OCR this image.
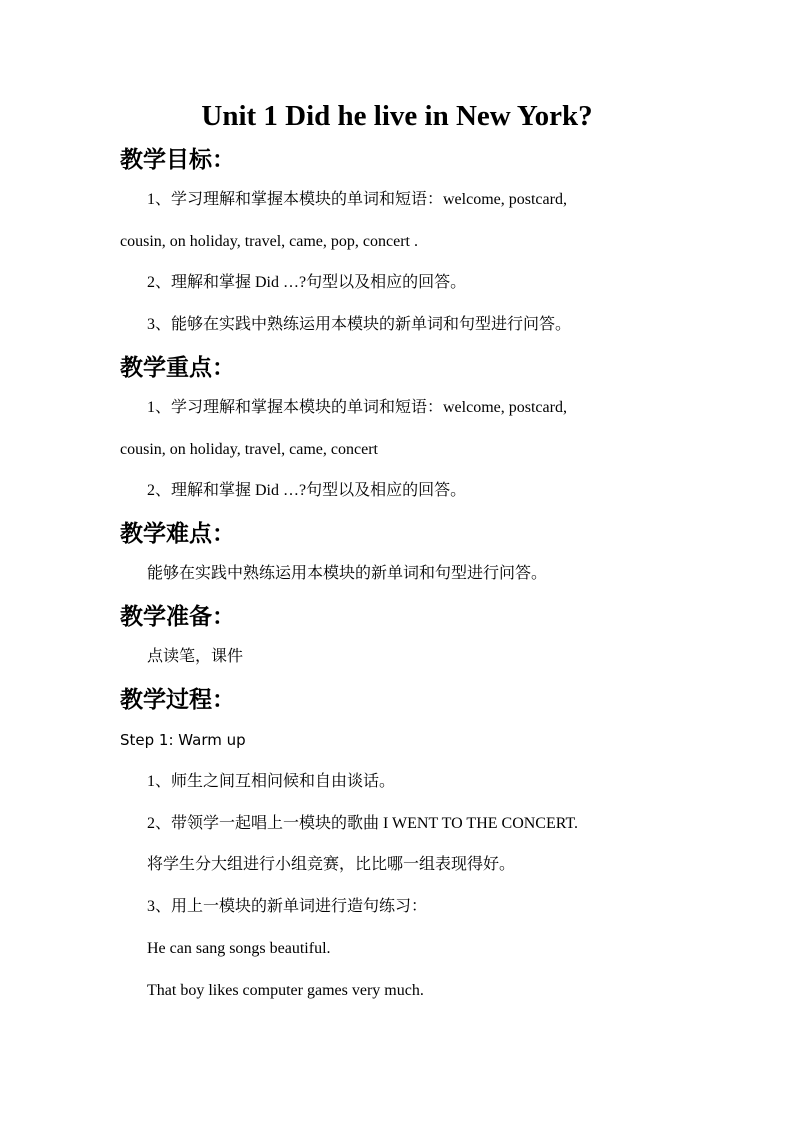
Unit 1 Did he live in New York?
教学目标：
1、学习理解和掌握本模块的单词和短语：welcome, postcard,
cousin, on holiday, travel, came, pop, concert .
2、理解和掌握 Did …?句型以及相应的回答。
3、能够在实践中熟练运用本模块的新单词和句型进行问答。
教学重点：
1、学习理解和掌握本模块的单词和短语：welcome, postcard,
cousin, on holiday, travel, came, concert
2、理解和掌握 Did …?句型以及相应的回答。
教学难点：
能够在实践中熟练运用本模块的新单词和句型进行问答。
教学准备：
点读笔，课件
教学过程：
Step 1: Warm up
1、师生之间互相问候和自由谈话。
2、带领学一起唱上一模块的歌曲 I WENT TO THE CONCERT.
将学生分大组进行小组竞赛，比比哪一组表现得好。
3、用上一模块的新单词进行造句练习：
He can sang songs beautiful.
That boy likes computer games very much.
